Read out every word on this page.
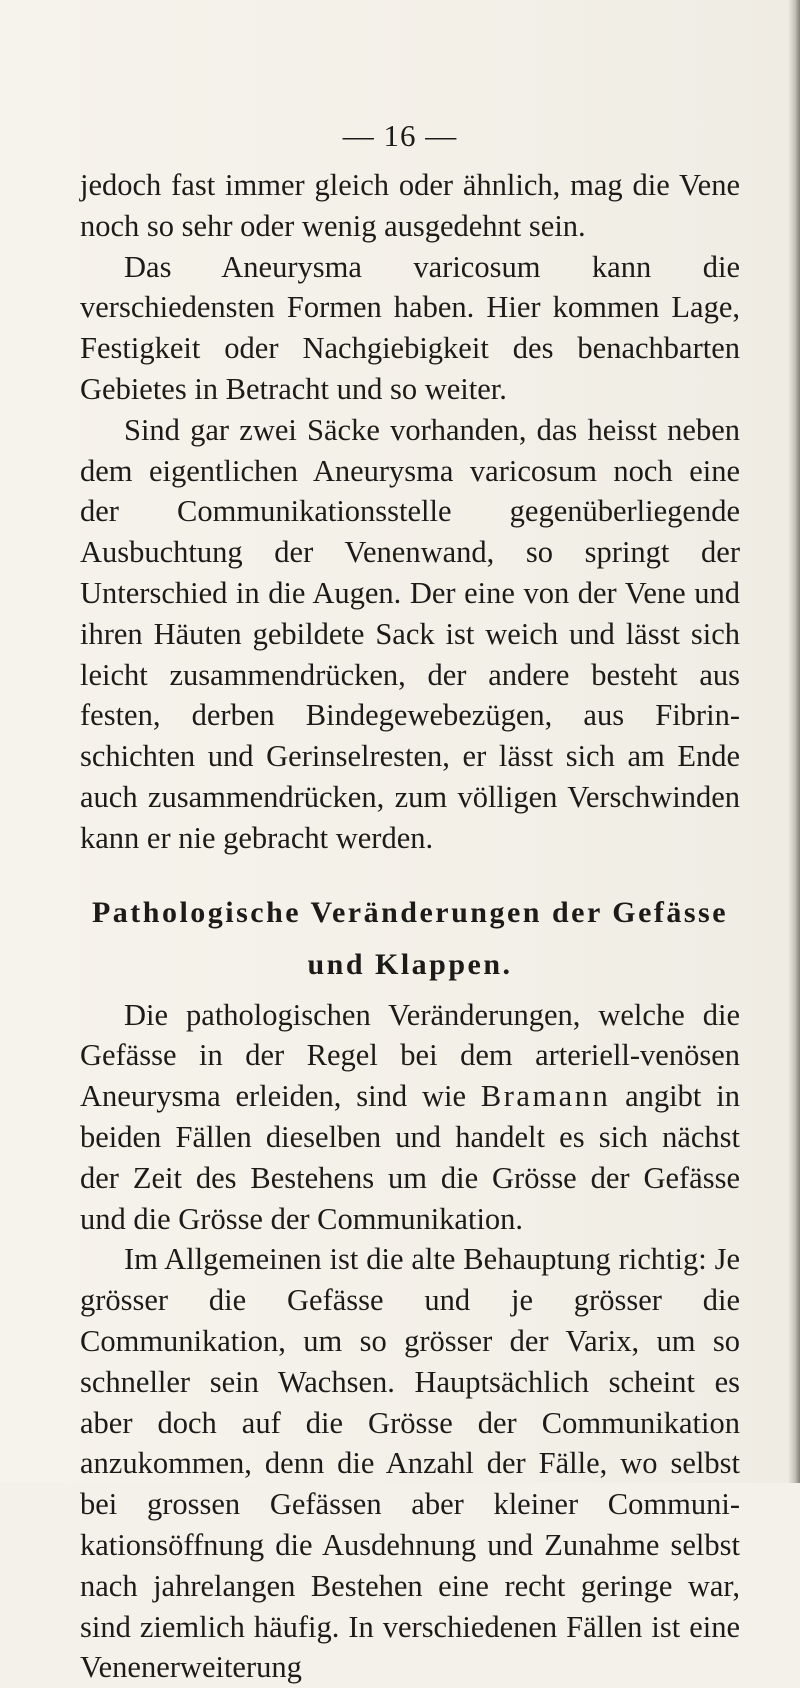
— 16 —

jedoch fast immer gleich oder ähnlich, mag die Vene noch so sehr oder wenig ausgedehnt sein.

Das Aneurysma varicosum kann die verschiedensten Formen haben. Hier kommen Lage, Festigkeit oder Nachgiebigkeit des benachbarten Gebietes in Betracht und so weiter.

Sind gar zwei Säcke vorhanden, das heisst neben dem eigentlichen Aneurysma varicosum noch eine der Communikationsstelle gegenüberliegende Ausbuchtung der Venenwand, so springt der Unterschied in die Augen. Der eine von der Vene und ihren Häuten gebildete Sack ist weich und lässt sich leicht zusammendrücken, der andere besteht aus festen, derben Bindegewebezügen, aus Fibrinschichten und Gerinselresten, er lässt sich am Ende auch zusammendrücken, zum völligen Verschwinden kann er nie gebracht werden.

Pathologische Veränderungen der Gefässe
und Klappen.

Die pathologischen Veränderungen, welche die Gefässe in der Regel bei dem arteriell-venösen Aneurysma erleiden, sind wie Bramann angibt in beiden Fällen dieselben und handelt es sich nächst der Zeit des Bestehens um die Grösse der Gefässe und die Grösse der Communikation.

Im Allgemeinen ist die alte Behauptung richtig: Je grösser die Gefässe und je grösser die Communikation, um so grösser der Varix, um so schneller sein Wachsen. Hauptsächlich scheint es aber doch auf die Grösse der Communikation anzukommen, denn die Anzahl der Fälle, wo selbst bei grossen Gefässen aber kleiner Communikationsöffnung die Ausdehnung und Zunahme selbst nach jahrelangen Bestehen eine recht geringe war, sind ziemlich häufig. In verschiedenen Fällen ist eine Venenerweiterung
